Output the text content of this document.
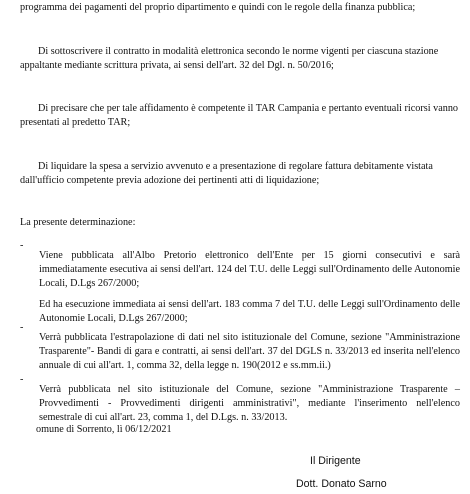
programma dei pagamenti del proprio dipartimento e quindi con le regole della finanza pubblica;

Di sottoscrivere il contratto in modalità elettronica secondo le norme vigenti per ciascuna stazione

appaltante mediante scrittura privata, ai sensi dell'art. 32 del Dgl. n. 50/2016;

Di precisare che per tale affidamento è competente il TAR Campania e pertanto eventuali ricorsi vanno

presentati al predetto TAR;

Di liquidare la spesa a servizio avvenuto e a presentazione di regolare fattura debitamente vistata

dall'ufficio competente previa adozione dei pertinenti atti di liquidazione;

La presente determinazione:

-

Viene pubblicata all'Albo Pretorio elettronico dell'Ente per 15 giorni consecutivi e sarà immediatamente esecutiva ai sensi dell'art. 124 del T.U. delle Leggi sull'Ordinamento delle Autonomie Locali, D.Lgs 267/2000;

Ed ha esecuzione immediata ai sensi dell'art. 183 comma 7 del T.U. delle Leggi sull'Ordinamento delle Autonomie Locali, D.Lgs 267/2000;

-

Verrà pubblicata l'estrapolazione di dati nel sito istituzionale del Comune, sezione "Amministrazione Trasparente"- Bandi di gara e contratti, ai sensi dell'art. 37 del DGLS n. 33/2013 ed inserita nell'elenco annuale di cui all'art. 1, comma 32, della legge n. 190(2012 e ss.mm.ii.)

-

Verrà pubblicata nel sito istituzionale del Comune, sezione "Amministrazione Trasparente – Provvedimenti - Provvedimenti dirigenti amministrativi", mediante l'inserimento nell'elenco semestrale di cui all'art. 23, comma 1, del D.Lgs. n. 33/2013.

omune di Sorrento, lì 06/12/2021

Il Dirigente
Dott. Donato Sarno
